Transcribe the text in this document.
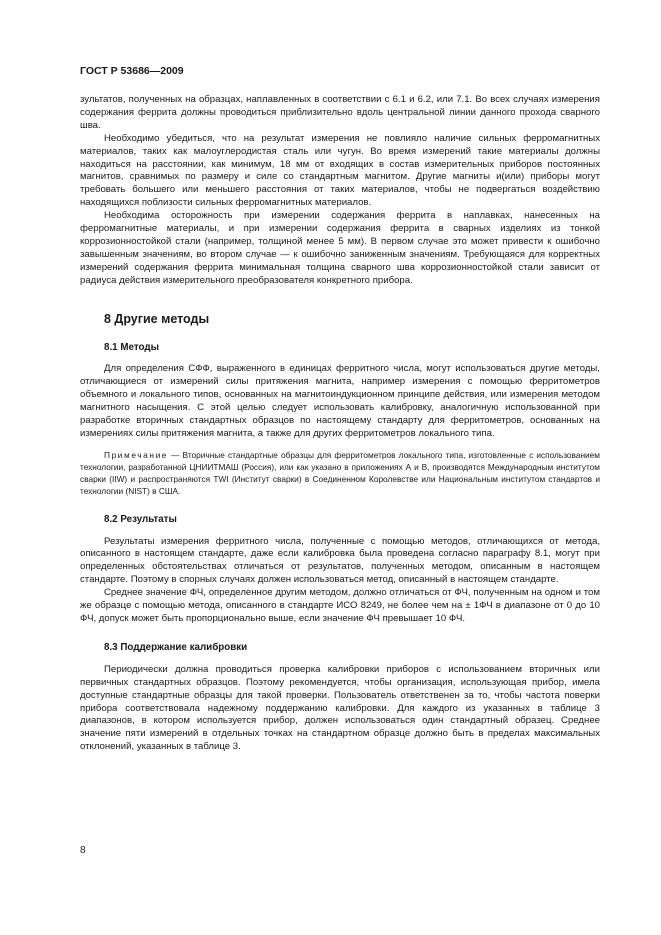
ГОСТ Р 53686—2009

зультатов, полученных на образцах, наплавленных в соответствии с 6.1 и 6.2, или 7.1. Во всех случаях измерения содержания феррита должны проводиться приблизительно вдоль центральной линии данного прохода сварного шва.

Необходимо убедиться, что на результат измерения не повлияло наличие сильных ферромагнитных материалов, таких как малоуглеродистая сталь или чугун. Во время измерений такие материалы должны находиться на расстоянии, как минимум, 18 мм от входящих в состав измерительных приборов постоянных магнитов, сравнимых по размеру и силе со стандартным магнитом. Другие магниты и(или) приборы могут требовать большего или меньшего расстояния от таких материалов, чтобы не подвергаться воздействию находящихся поблизости сильных ферромагнитных материалов.

Необходима осторожность при измерении содержания феррита в наплавках, нанесенных на ферромагнитные материалы, и при измерении содержания феррита в сварных изделиях из тонкой коррозионностойкой стали (например, толщиной менее 5 мм). В первом случае это может привести к ошибочно завышенным значениям, во втором случае — к ошибочно заниженным значениям. Требующаяся для корректных измерений содержания феррита минимальная толщина сварного шва коррозионностойкой стали зависит от радиуса действия измерительного преобразователя конкретного прибора.

8 Другие методы

8.1 Методы

Для определения СФФ, выраженного в единицах ферритного числа, могут использоваться другие методы, отличающиеся от измерений силы притяжения магнита, например измерения с помощью ферритометров объемного и локального типов, основанных на магнитоиндукционном принципе действия, или измерения методом магнитного насыщения. С этой целью следует использовать калибровку, аналогичную использованной при разработке вторичных стандартных образцов по настоящему стандарту для ферритометров, основанных на измерениях силы притяжения магнита, а также для других ферритометров локального типа.

Примечание — Вторичные стандартные образцы для ферритометров локального типа, изготовленные с использованием технологии, разработанной ЦНИИТМАШ (Россия), или как указано в приложениях А и В, производятся Международным институтом сварки (IIW) и распространяются TWI (Институт сварки) в Соединенном Королевстве или Национальным институтом стандартов и технологии (NIST) в США.

8.2 Результаты

Результаты измерения ферритного числа, полученные с помощью методов, отличающихся от метода, описанного в настоящем стандарте, даже если калибровка была проведена согласно параграфу 8.1, могут при определенных обстоятельствах отличаться от результатов, полученных методом, описанным в настоящем стандарте. Поэтому в спорных случаях должен использоваться метод, описанный в настоящем стандарте.

Среднее значение ФЧ, определенное другим методом, должно отличаться от ФЧ, полученным на одном и том же образце с помощью метода, описанного в стандарте ИСО 8249, не более чем на ± 1ФЧ в диапазоне от 0 до 10 ФЧ, допуск может быть пропорционально выше, если значение ФЧ превышает 10 ФЧ.

8.3 Поддержание калибровки

Периодически должна проводиться проверка калибровки приборов с использованием вторичных или первичных стандартных образцов. Поэтому рекомендуется, чтобы организация, использующая прибор, имела доступные стандартные образцы для такой проверки. Пользователь ответственен за то, чтобы частота поверки прибора соответствовала надежному поддержанию калибровки. Для каждого из указанных в таблице 3 диапазонов, в котором используется прибор, должен использоваться один стандартный образец. Среднее значение пяти измерений в отдельных точках на стандартном образце должно быть в пределах максимальных отклонений, указанных в таблице 3.

8
